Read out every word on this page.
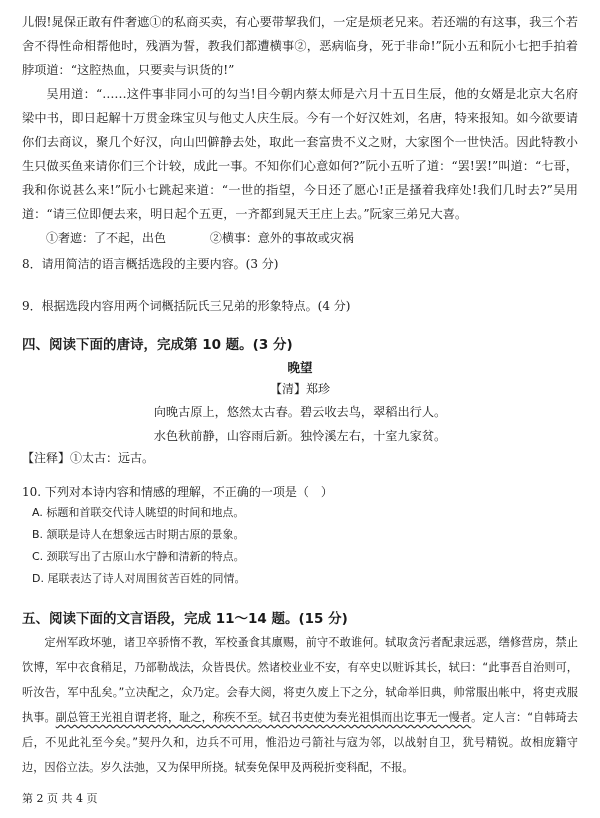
儿假!晁保正敢有件奢遮①的私商买卖，有心要带挈我们，一定是烦老兄来。若还端的有这事，我三个若舍不得性命相帮他时，残酒为誓，教我们都遭横事②，恶病临身，死于非命!”阮小五和阮小七把手拍着脖项道：“这腔热血，只要卖与识货的!”

吴用道：“……这件事非同小可的勾当!目今朝内蔡太师是六月十五日生辰，他的女婿是北京大名府梁中书，即日起解十万贯金珠宝贝与他丈人庆生辰。今有一个好汉姓刘，名唐，特来报知。如今欲要请你们去商议，聚几个好汉，向山凹僻静去处，取此一套富贵不义之财，大家图个一世快活。因此特教小生只做买鱼来请你们三个计较，成此一事。不知你们心意如何?”阮小五听了道：“罢!罢!”叫道：“七哥，我和你说甚么来!”阮小七跳起来道：“一世的指望，今日还了愿心!正是搔着我痒处!我们几时去?”吴用道：“请三位即便去来，明日起个五更，一齐都到晁天王庄上去。”阮家三弟兄大喜。

①奢遮：了不起，出色	②横事：意外的事故或灾祸

8．请用简洁的语言概括选段的主要内容。(3 分)

9．根据选段内容用两个词概括阮氏三兄弟的形象特点。(4 分)

四、阅读下面的唐诗，完成第 10 题。(3 分)

晚望

【清】郑珍

向晚古原上，悠然太古春。碧云收去鸟，翠稻出行人。

水色秋前静，山容雨后新。独怜溪左右，十室九家贫。

【注释】①太古：远古。

10. 下列对本诗内容和情感的理解，不正确的一项是（　）

A. 标题和首联交代诗人眺望的时间和地点。

B. 颔联是诗人在想象远古时期古原的景象。

C. 颈联写出了古原山水宁静和清新的特点。

D. 尾联表达了诗人对周围贫苦百姓的同情。

五、阅读下面的文言语段，完成 11～14 题。(15 分)

定州军政坏驰，诸卫卒骄惰不教，军校蚤食其廪赐，前守不敢谁何。轼取贪污者配隶远恶，缮修营房，禁止饮博，军中衣食稍足，乃部勒战法，众皆畏伏。然诸校业业不安，有卒史以赃诉其长，轼曰：“此事吾自治则可，听汝告，军中乱矣。”立决配之，众乃定。会春大阅，将吏久废上下之分，轼命举旧典，帅常服出帐中，将吏戎服执事。副总管王光祖自谓老将，耻之，称疾不至。轼召书吏使为奏光祖惧而出讫事无一慢者。定人言：“自韩琦去后，不见此礼至今矣。”契丹久和，边兵不可用，惟沿边弓箭社与寇为邻，以战射自卫，犹号精锐。故相庞籍守边，因俗立法。岁久法弛，又为保甲所挠。轼奏免保甲及两税折变科配，不报。

第 2 页 共 4 页
